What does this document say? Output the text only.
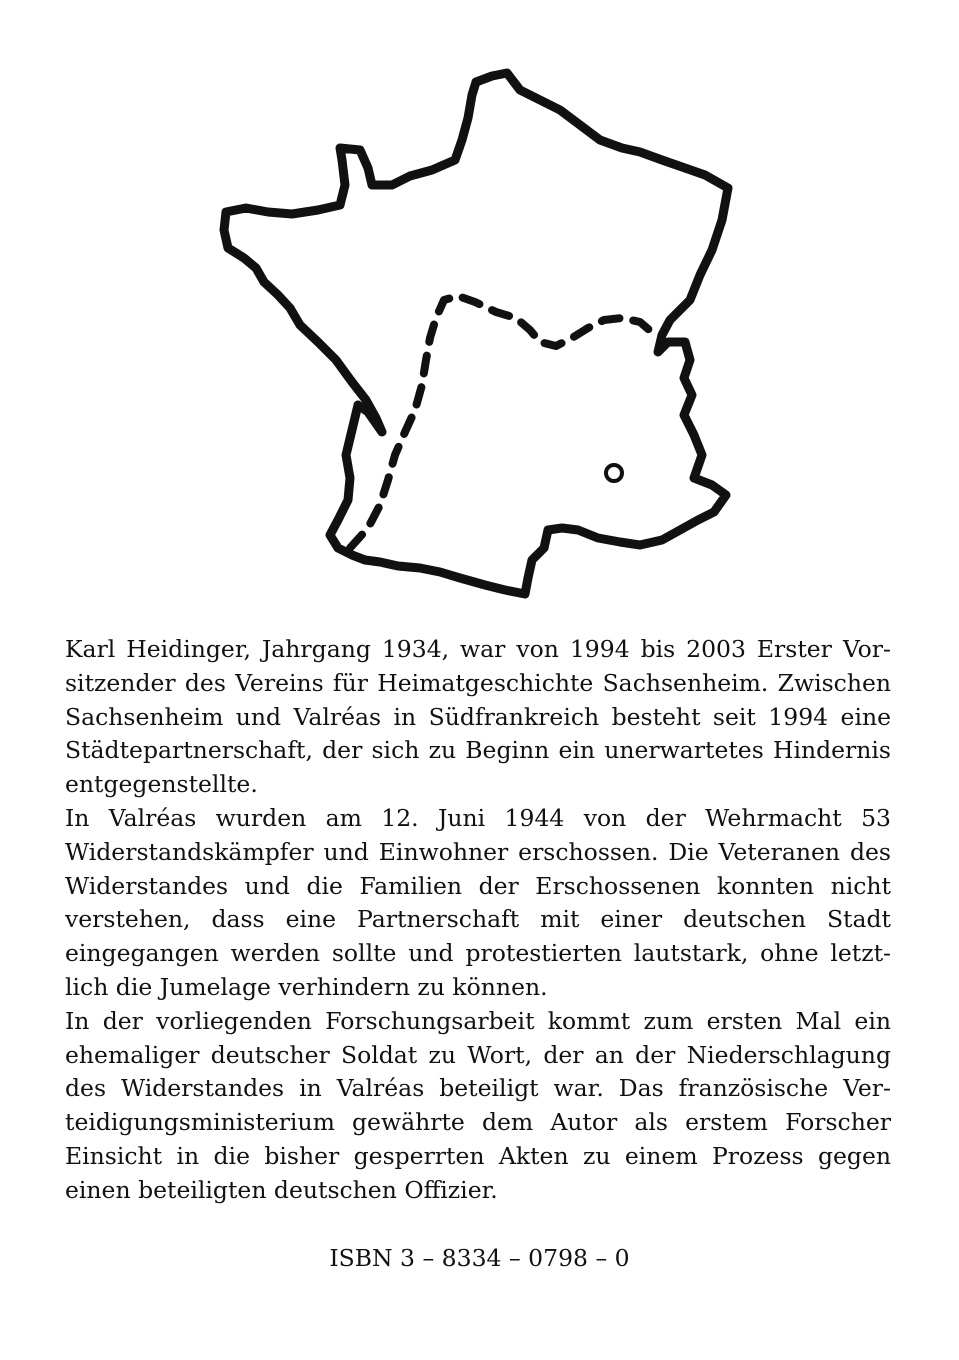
Karl Heidinger, Jahrgang 1934, war von 1994 bis 2003 Erster Vorsitzender des Vereins für Heimatgeschichte Sachsenheim. Zwischen Sachsenheim und Valréas in Südfrankreich besteht seit 1994 eine Städtepartnerschaft, der sich zu Beginn ein unerwartetes Hindernis entgegenstellte.

In Valréas wurden am 12. Juni 1944 von der Wehrmacht 53 Widerstandskämpfer und Einwohner erschossen. Die Veteranen des Widerstandes und die Familien der Erschossenen konnten nicht verstehen, dass eine Partnerschaft mit einer deutschen Stadt eingegangen werden sollte und protestierten lautstark, ohne letztlich die Jumelage verhindern zu können.

In der vorliegenden Forschungsarbeit kommt zum ersten Mal ein ehemaliger deutscher Soldat zu Wort, der an der Niederschlagung des Widerstandes in Valréas beteiligt war. Das französische Verteidigungsministerium gewährte dem Autor als erstem Forscher Einsicht in die bisher gesperrten Akten zu einem Prozess gegen einen beteiligten deutschen Offizier.

ISBN 3 – 8334 – 0798 – 0
